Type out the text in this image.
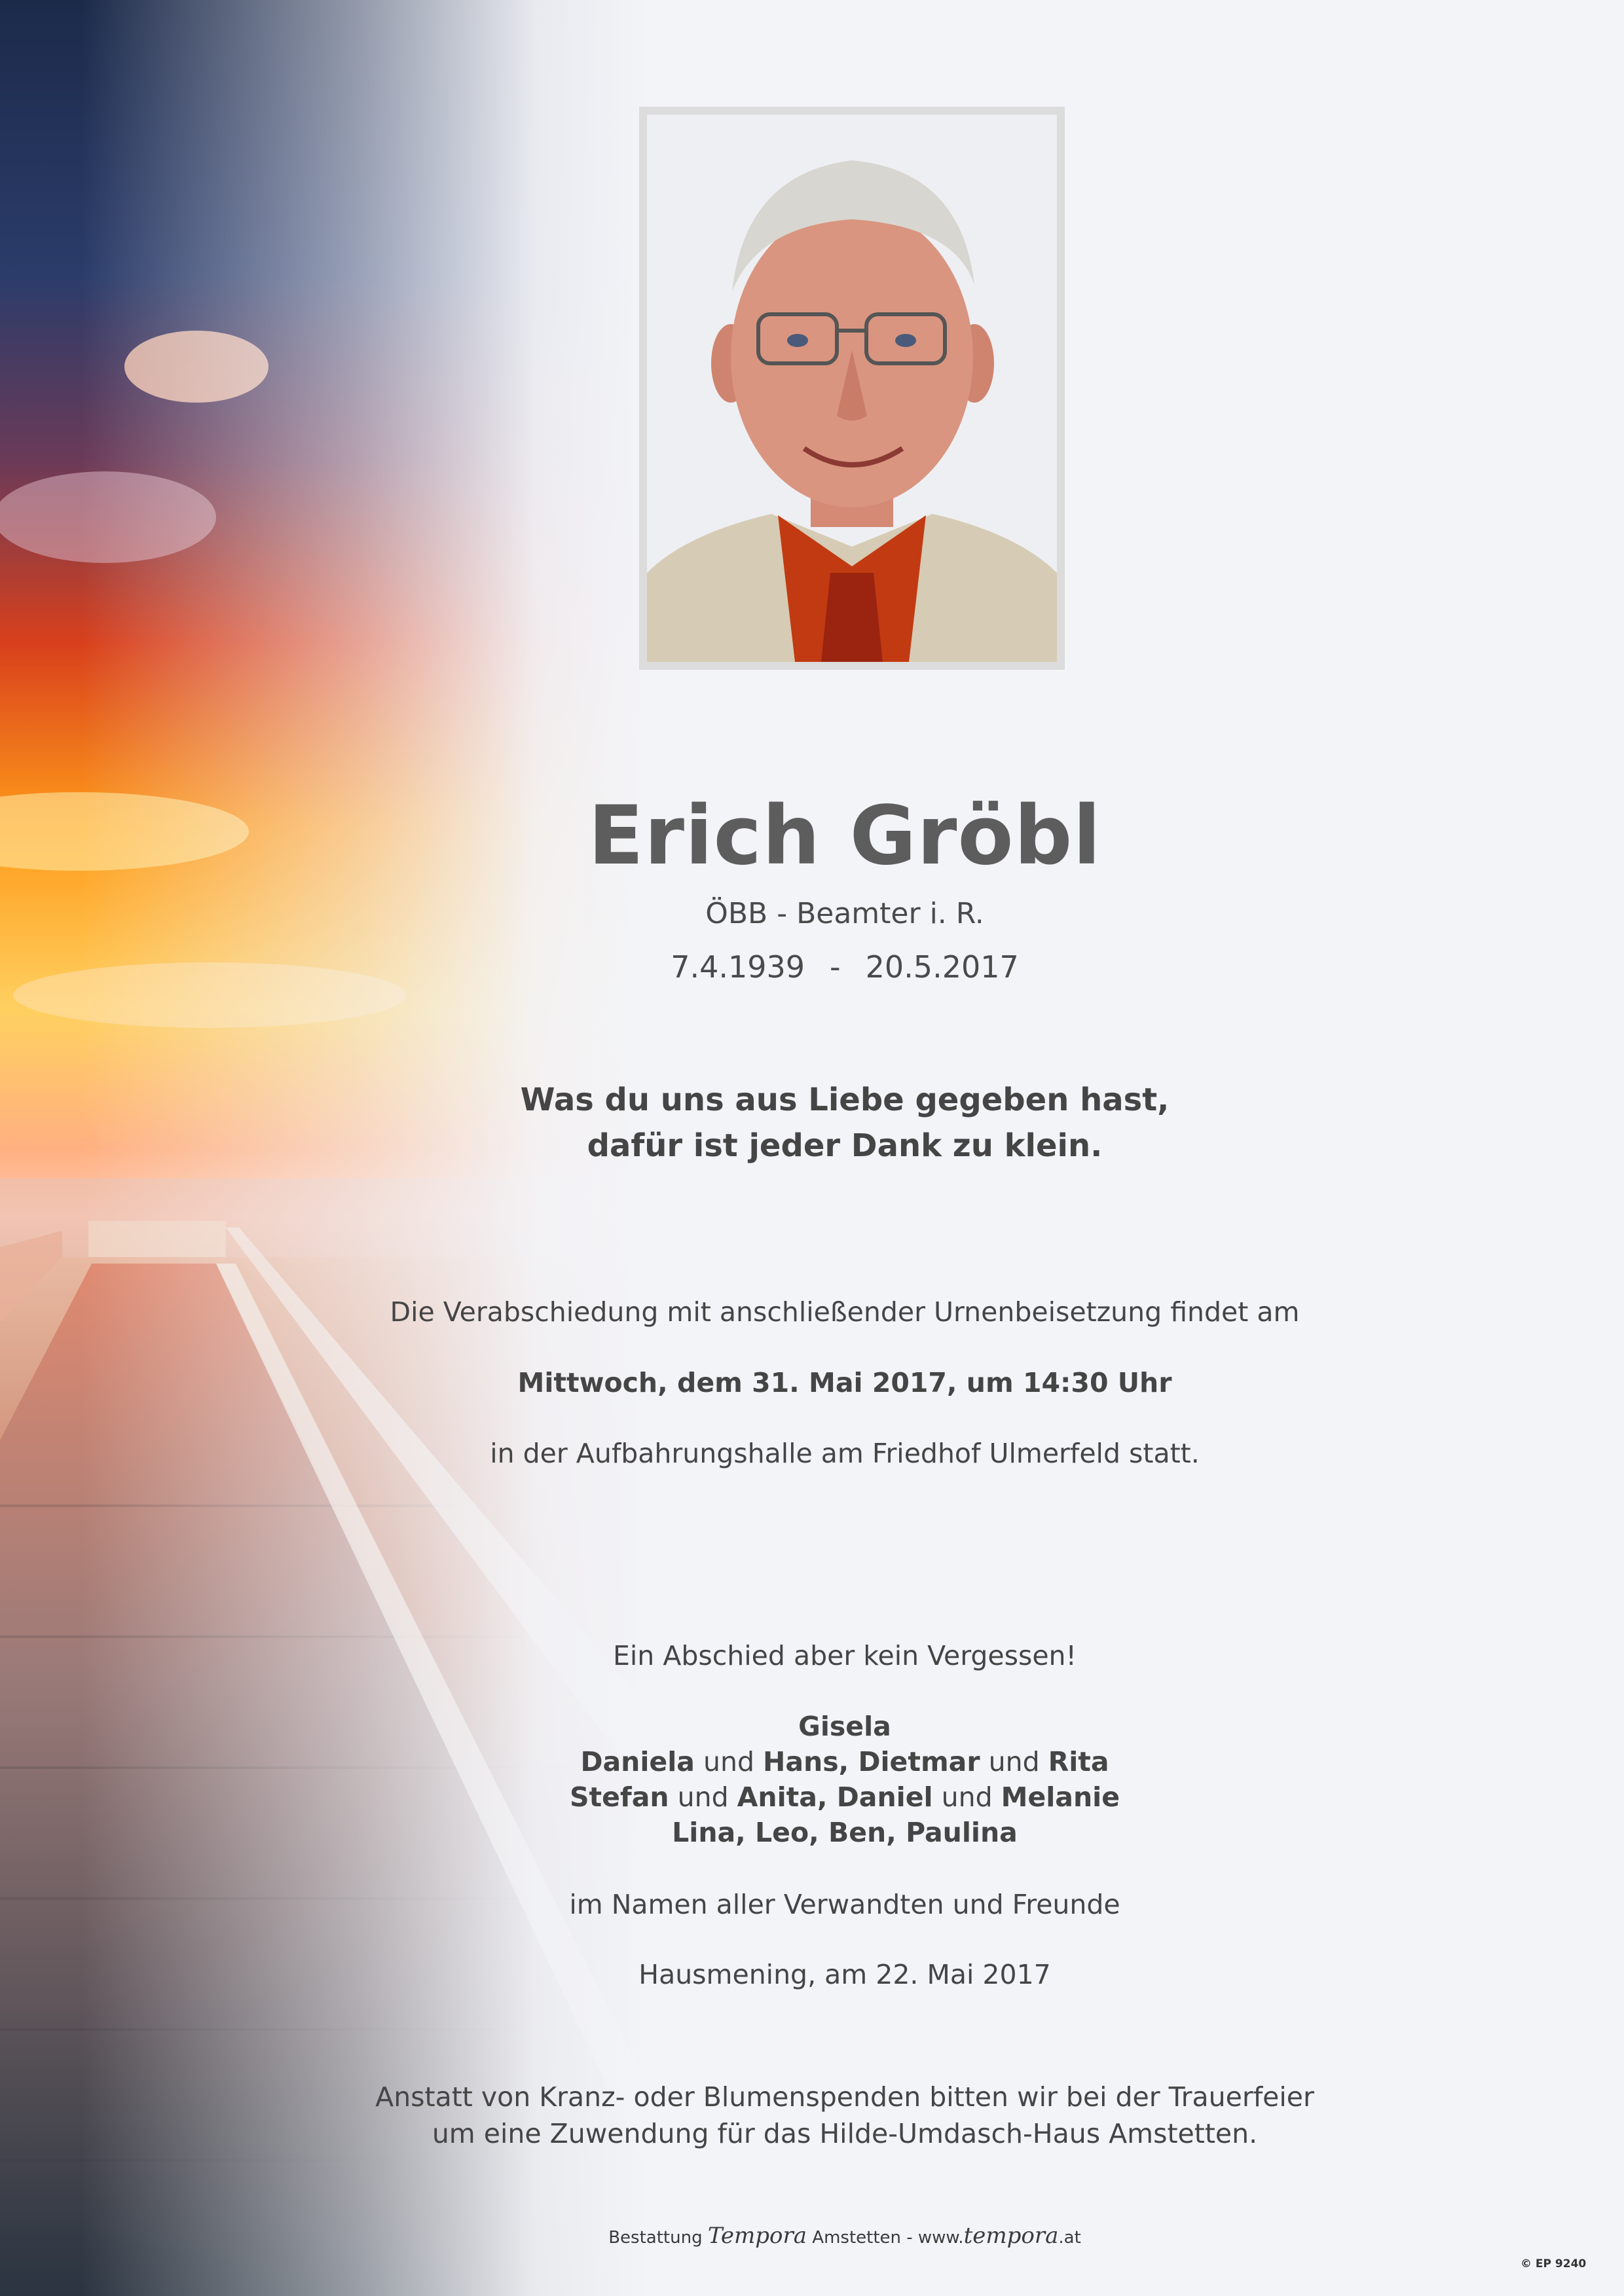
Erich Gröbl
ÖBB - Beamter i. R.
7.4.1939 - 20.5.2017
Was du uns aus Liebe gegeben hast,
dafür ist jeder Dank zu klein.
Die Verabschiedung mit anschließender Urnenbeisetzung findet am
Mittwoch, dem 31. Mai 2017, um 14:30 Uhr
in der Aufbahrungshalle am Friedhof Ulmerfeld statt.
Ein Abschied aber kein Vergessen!
Gisela
Daniela und Hans, Dietmar und Rita
Stefan und Anita, Daniel und Melanie
Lina, Leo, Ben, Paulina
im Namen aller Verwandten und Freunde
Hausmening, am 22. Mai 2017
Anstatt von Kranz- oder Blumenspenden bitten wir bei der Trauerfeier
um eine Zuwendung für das Hilde-Umdasch-Haus Amstetten.
Bestattung Tempora Amstetten - www.tempora.at
© EP 9240
